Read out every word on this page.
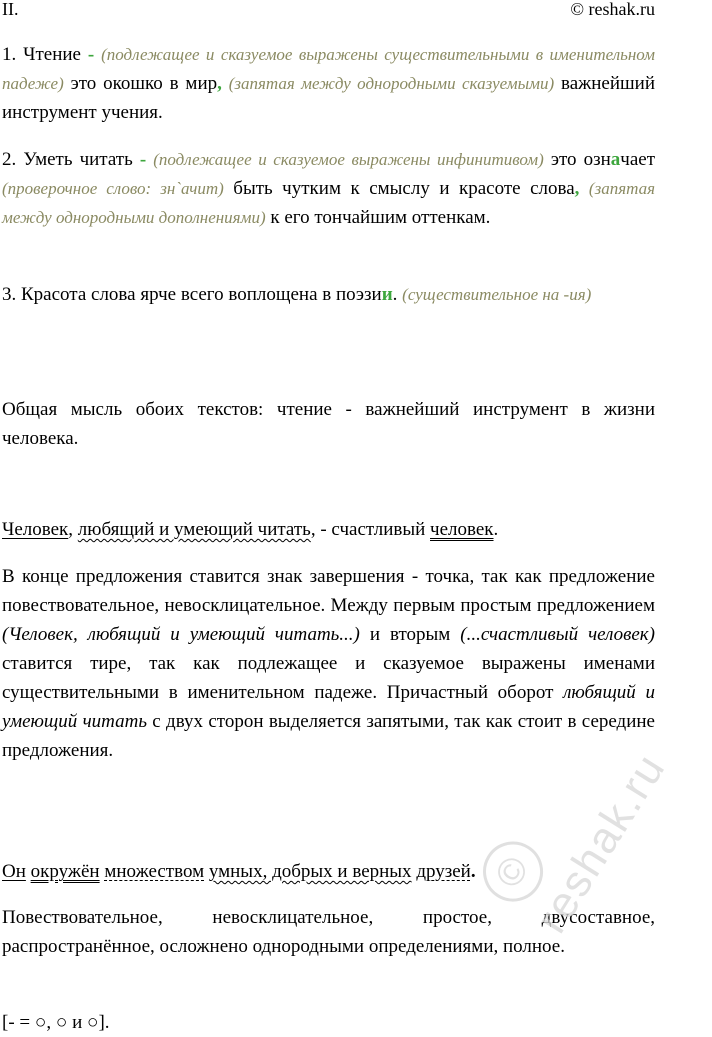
II.	© reshak.ru

1. Чтение - (подлежащее и сказуемое выражены существительными в именительном падеже) это окошко в мир, (запятая между однородными сказуемыми) важнейший инструмент учения.

2. Уметь читать - (подлежащее и сказуемое выражены инфинитивом) это означает (проверочное слово: зн`ачит) быть чутким к смыслу и красоте слова, (запятая между однородными дополнениями) к его тончайшим оттенкам.

3. Красота слова ярче всего воплощена в поэзии. (существительное на -ия)

Общая мысль обоих текстов: чтение - важнейший инструмент в жизни человека.

Человек, любящий и умеющий читать, - счастливый человек.

В конце предложения ставится знак завершения - точка, так как предложение повествовательное, невосклицательное. Между первым простым предложением (Человек, любящий и умеющий читать...) и вторым (...счастливый человек) ставится тире, так как подлежащее и сказуемое выражены именами существительными в именительном падеже. Причастный оборот любящий и умеющий читать с двух сторон выделяется запятыми, так как стоит в середине предложения.

Он окружён множеством умных, добрых и верных друзей.

Повествовательное, невосклицательное, простое, двусоставное, распространённое, осложнено однородными определениями, полное.

[- = ○, ○ и ○].

©reshak.ru
